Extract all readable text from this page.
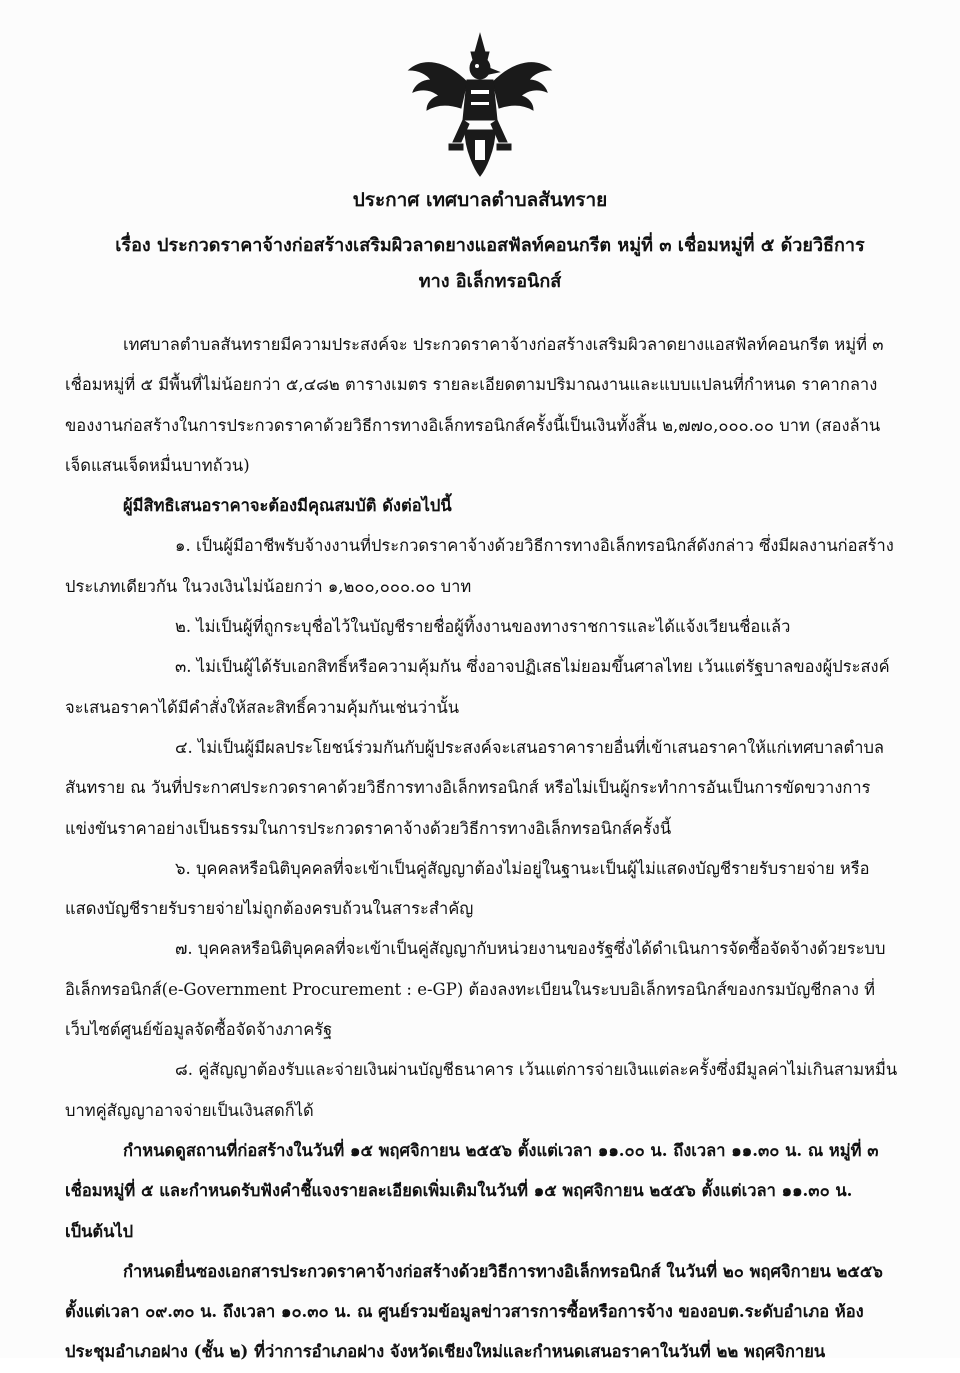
ประกาศ เทศบาลตำบลสันทราย
เรื่อง ประกวดราคาจ้างก่อสร้างเสริมผิวลาดยางแอสฟัลท์คอนกรีต หมู่ที่ ๓ เชื่อมหมู่ที่ ๕ ด้วยวิธีการทาง อิเล็กทรอนิกส์

เทศบาลตำบลสันทรายมีความประสงค์จะ ประกวดราคาจ้างก่อสร้างเสริมผิวลาดยางแอสฟัลท์คอนกรีต หมู่ที่ ๓ เชื่อมหมู่ที่ ๕ มีพื้นที่ไม่น้อยกว่า ๕,๔๘๒ ตารางเมตร รายละเอียดตามปริมาณงานและแบบแปลนที่กำหนด ราคากลางของงานก่อสร้างในการประกวดราคาด้วยวิธีการทางอิเล็กทรอนิกส์ครั้งนี้เป็นเงินทั้งสิ้น ๒,๗๗๐,๐๐๐.๐๐ บาท (สองล้านเจ็ดแสนเจ็ดหมื่นบาทถ้วน)

ผู้มีสิทธิเสนอราคาจะต้องมีคุณสมบัติ ดังต่อไปนี้

๑. เป็นผู้มีอาชีพรับจ้างงานที่ประกวดราคาจ้างด้วยวิธีการทางอิเล็กทรอนิกส์ดังกล่าว ซึ่งมีผลงานก่อสร้างประเภทเดียวกัน ในวงเงินไม่น้อยกว่า ๑,๒๐๐,๐๐๐.๐๐ บาท

๒. ไม่เป็นผู้ที่ถูกระบุชื่อไว้ในบัญชีรายชื่อผู้ทิ้งงานของทางราชการและได้แจ้งเวียนชื่อแล้ว

๓. ไม่เป็นผู้ได้รับเอกสิทธิ์หรือความคุ้มกัน ซึ่งอาจปฏิเสธไม่ยอมขึ้นศาลไทย เว้นแต่รัฐบาลของผู้ประสงค์จะเสนอราคาได้มีคำสั่งให้สละสิทธิ์ความคุ้มกันเช่นว่านั้น

๔. ไม่เป็นผู้มีผลประโยชน์ร่วมกันกับผู้ประสงค์จะเสนอราคารายอื่นที่เข้าเสนอราคาให้แก่เทศบาลตำบลสันทราย ณ วันที่ประกาศประกวดราคาด้วยวิธีการทางอิเล็กทรอนิกส์ หรือไม่เป็นผู้กระทำการอันเป็นการขัดขวางการแข่งขันราคาอย่างเป็นธรรมในการประกวดราคาจ้างด้วยวิธีการทางอิเล็กทรอนิกส์ครั้งนี้

๖. บุคคลหรือนิติบุคคลที่จะเข้าเป็นคู่สัญญาต้องไม่อยู่ในฐานะเป็นผู้ไม่แสดงบัญชีรายรับรายจ่าย หรือแสดงบัญชีรายรับรายจ่ายไม่ถูกต้องครบถ้วนในสาระสำคัญ

๗. บุคคลหรือนิติบุคคลที่จะเข้าเป็นคู่สัญญากับหน่วยงานของรัฐซึ่งได้ดำเนินการจัดซื้อจัดจ้างด้วยระบบอิเล็กทรอนิกส์(e-Government Procurement : e-GP) ต้องลงทะเบียนในระบบอิเล็กทรอนิกส์ของกรมบัญชีกลาง ที่เว็บไซต์ศูนย์ข้อมูลจัดซื้อจัดจ้างภาครัฐ

๘. คู่สัญญาต้องรับและจ่ายเงินผ่านบัญชีธนาคาร เว้นแต่การจ่ายเงินแต่ละครั้งซึ่งมีมูลค่าไม่เกินสามหมื่นบาทคู่สัญญาอาจจ่ายเป็นเงินสดก็ได้

กำหนดดูสถานที่ก่อสร้างในวันที่ ๑๕ พฤศจิกายน ๒๕๕๖ ตั้งแต่เวลา ๑๑.๐๐ น. ถึงเวลา ๑๑.๓๐ น. ณ หมู่ที่ ๓ เชื่อมหมู่ที่ ๕ และกำหนดรับฟังคำชี้แจงรายละเอียดเพิ่มเติมในวันที่ ๑๕ พฤศจิกายน ๒๕๕๖ ตั้งแต่เวลา ๑๑.๓๐ น. เป็นต้นไป

กำหนดยื่นซองเอกสารประกวดราคาจ้างก่อสร้างด้วยวิธีการทางอิเล็กทรอนิกส์ ในวันที่ ๒๐ พฤศจิกายน ๒๕๕๖ ตั้งแต่เวลา ๐๙.๓๐ น. ถึงเวลา ๑๐.๓๐ น. ณ ศูนย์รวมข้อมูลข่าวสารการซื้อหรือการจ้าง ของอบต.ระดับอำเภอ ห้องประชุมอำเภอฝาง (ชั้น ๒) ที่ว่าการอำเภอฝาง จังหวัดเชียงใหม่และกำหนดเสนอราคาในวันที่ ๒๒ พฤศจิกายน
